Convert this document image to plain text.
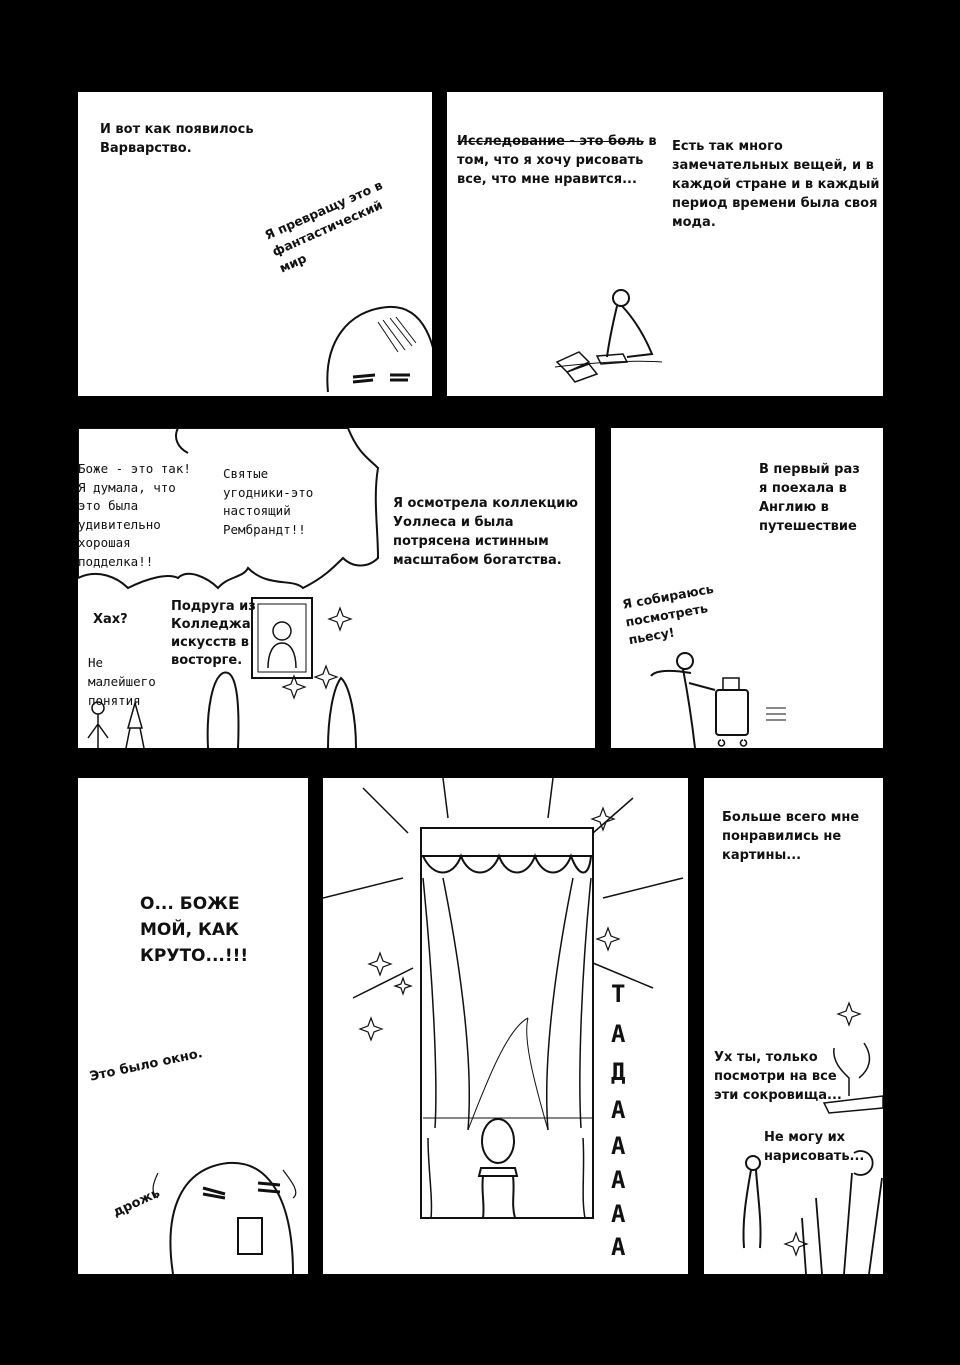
И вот как появилось
Варварство.
Я превращу это в
фантастический
мир
Исследование - это боль в
том, что я хочу рисовать
все, что мне нравится...
Есть так много
замечательных вещей, и в
каждой стране и в каждый
период времени была своя
мода.
Боже - это так!
Я думала, что
это была
удивительно
хорошая
подделка!!
Святые
угодники-это
настоящий
Рембрандт!!
Я осмотрела коллекцию
Уоллеса и была
потрясена истинным
масштабом богатства.
Хах?
Не
малейшего
понятия
Подруга из
Колледжа
искусств в
восторге.
В первый раз
я поехала в
Англию в
путешествие
Я собираюсь
посмотреть
пьесу!
О... БОЖЕ
МОЙ, КАК
КРУТО...!!!
Это было окно.
дрожь
Т
А
Д
А
А
А
А
А
Больше всего мне
понравились не
картины...
Ух ты, только
посмотри на все
эти сокровища...
Не могу их
нарисовать...
